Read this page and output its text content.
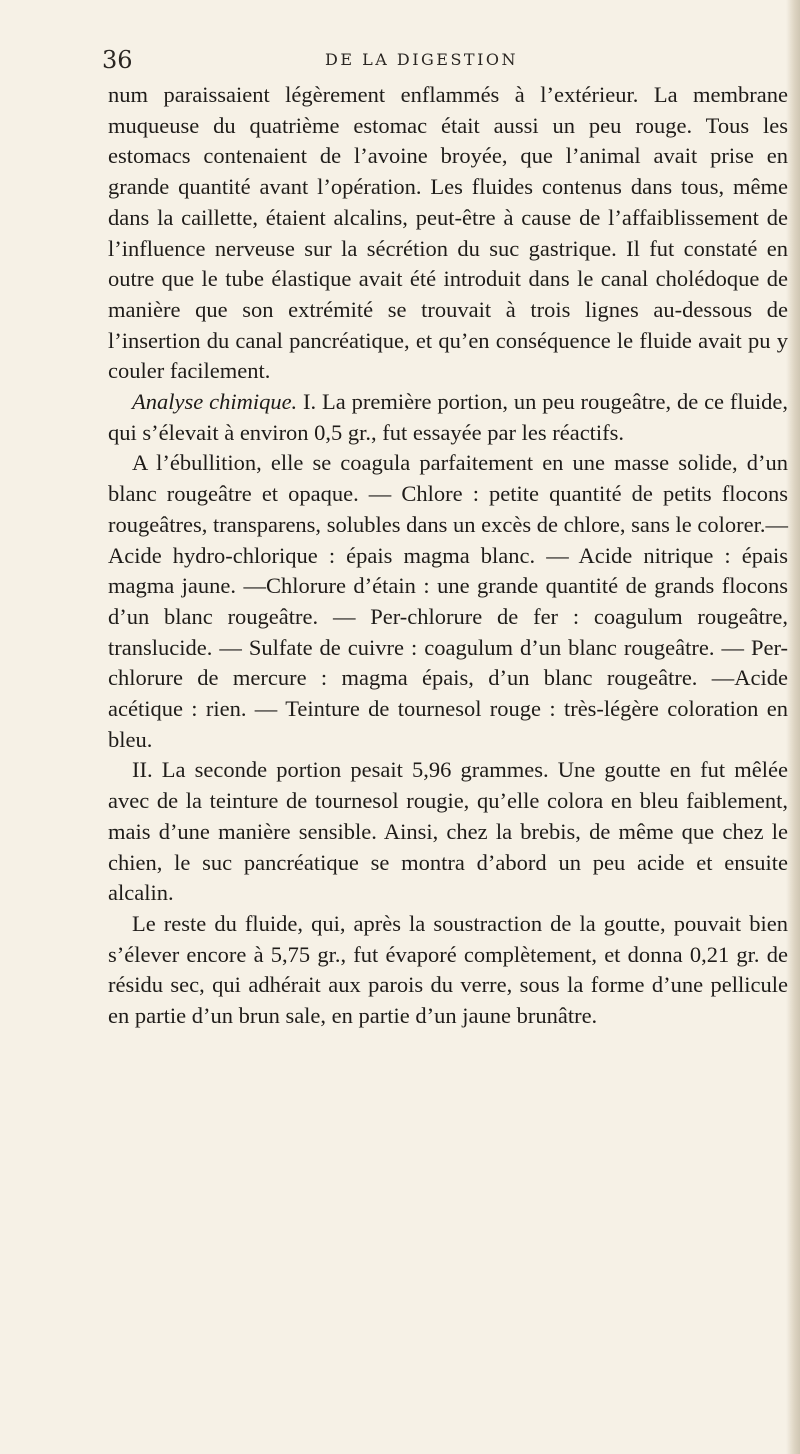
36	DE LA DIGESTION

num paraissaient légèrement enflammés à l’extérieur. La membrane muqueuse du quatrième estomac était aussi un peu rouge. Tous les estomacs contenaient de l’avoine broyée, que l’animal avait prise en grande quantité avant l’opération. Les fluides contenus dans tous, même dans la caillette, étaient alcalins, peut-être à cause de l’affaiblissement de l’influence nerveuse sur la sécrétion du suc gastrique. Il fut constaté en outre que le tube élastique avait été introduit dans le canal cholédoque de manière que son extrémité se trouvait à trois lignes au-dessous de l’insertion du canal pancréatique, et qu’en conséquence le fluide avait pu y couler facilement.

Analyse chimique. I. La première portion, un peu rougeâtre, de ce fluide, qui s’élevait à environ 0,5 gr., fut essayée par les réactifs.

A l’ébullition, elle se coagula parfaitement en une masse solide, d’un blanc rougeâtre et opaque. — Chlore : petite quantité de petits flocons rougeâtres, transparens, solubles dans un excès de chlore, sans le colorer.—Acide hydro-chlorique : épais magma blanc. — Acide nitrique : épais magma jaune. —Chlorure d’étain : une grande quantité de grands flocons d’un blanc rougeâtre. — Per-chlorure de fer : coagulum rougeâtre, translucide. — Sulfate de cuivre : coagulum d’un blanc rougeâtre. — Per-chlorure de mercure : magma épais, d’un blanc rougeâtre. —Acide acétique : rien. — Teinture de tournesol rouge : très-légère coloration en bleu.

II. La seconde portion pesait 5,96 grammes. Une goutte en fut mêlée avec de la teinture de tournesol rougie, qu’elle colora en bleu faiblement, mais d’une manière sensible. Ainsi, chez la brebis, de même que chez le chien, le suc pancréatique se montra d’abord un peu acide et ensuite alcalin.

Le reste du fluide, qui, après la soustraction de la goutte, pouvait bien s’élever encore à 5,75 gr., fut évaporé complètement, et donna 0,21 gr. de résidu sec, qui adhérait aux parois du verre, sous la forme d’une pellicule en partie d’un brun sale, en partie d’un jaune brunâtre.
